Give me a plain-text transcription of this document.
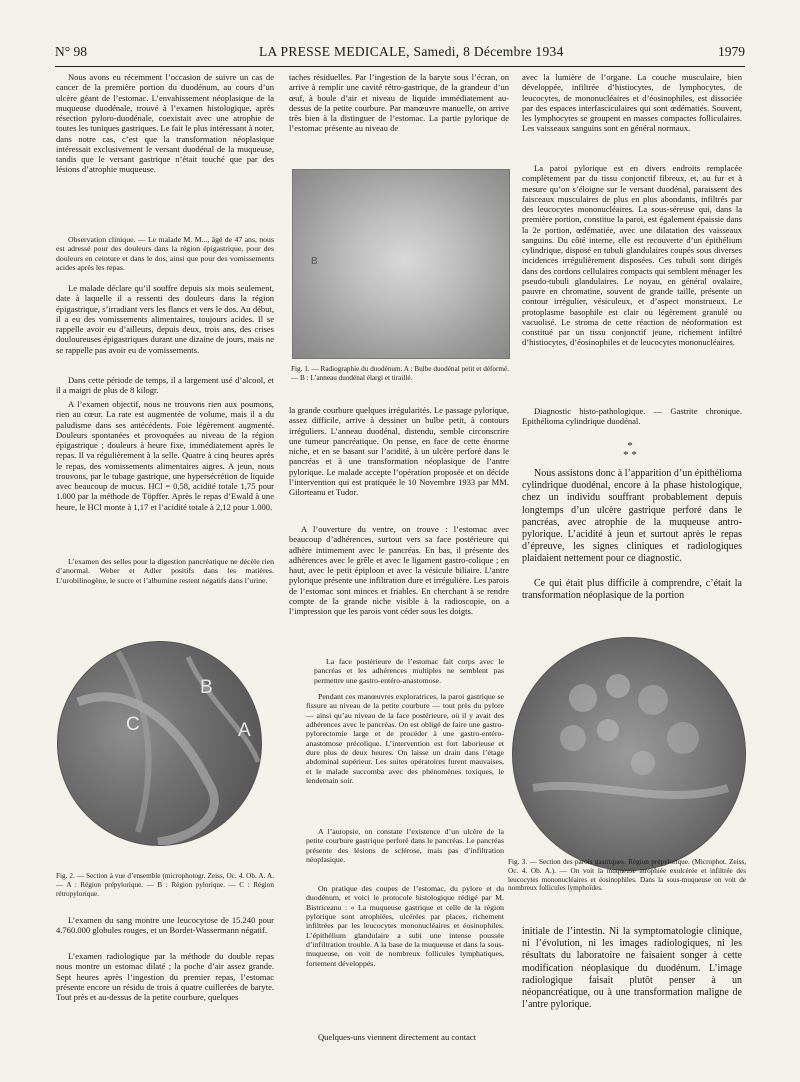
N° 98	LA PRESSE MEDICALE, Samedi, 8 Décembre 1934	1979

Nous avons eu récemment l’occasion de suivre un cas de cancer de la première portion du duodénum, au cours d’un ulcère géant de l’estomac. L’envahissement néoplasique de la muqueuse duodénale, trouvé à l’examen histologique, après résection pyloro-duodénale, coexistait avec une atrophie de toutes les tuniques gastriques. Le fait le plus intéressant à noter, dans notre cas, c’est que la transformation néoplasique intéressait exclusivement le versant duodénal de la muqueuse, tandis que le versant gastrique n’était touché que par des lésions d’atrophie muqueuse.

Observation clinique. — Le malade M. M..., âgé de 47 ans, nous est adressé pour des douleurs dans la région épigastrique, pour des douleurs en ceinture et dans le dos, ainsi que pour des vomissements acides après les repas.

Le malade déclare qu’il souffre depuis six mois seulement, date à laquelle il a ressenti des douleurs dans la région épigastrique, s’irradiant vers les flancs et vers le dos. Au début, il a eu des vomissements alimentaires, toujours acides. Il se rappelle avoir eu d’ailleurs, depuis deux, trois ans, des crises douloureuses épigastriques durant une dizaine de jours, mais ne se rappelle pas avoir eu de vomissements.

Dans cette période de temps, il a largement usé d’alcool, et il a maigri de plus de 8 kilogr.

A l’examen objectif, nous ne trouvons rien aux poumons, rien au cœur. La rate est augmentée de volume, mais il a du paludisme dans ses antécédents. Foie légèrement augmenté. Douleurs spontanées et provoquées au niveau de la région épigastrique ; douleurs à heure fixe, immédiatement après le repas. Il va régulièrement à la selle. Quatre à cinq heures après le repas, des vomissements alimentaires aigres. A jeun, nous trouvons, par le tubage gastrique, une hypersécrétion de liquide avec beaucoup de mucus. HCl = 0,58, acidité totale 1,75 pour 1.000 par la méthode de Töpffer. Après le repas d’Ewald à une heure, le HCl monte à 1,17 et l’acidité totale à 2,12 pour 1.000.

L’examen des selles pour la digestion pancréatique ne décèle rien d’anormal. Weber et Adler positifs dans les matières. L’urobilinogène, le sucre et l’albumine restent négatifs dans l’urine.

B
A
C

Fig. 2. — Section à vue d’ensemble (microphotogr. Zeiss, Oc. 4. Ob. A. A. — A : Région prépylorique. — B : Région pylorique. — C : Région rétropylorique.

L’examen du sang montre une leucocytose de 15.240 pour 4.760.000 globules rouges, et un Bordet-Wassermann négatif.

L’examen radiologique par la méthode du double repas nous montre un estomac dilaté ; la poche d’air assez grande. Sept heures après l’ingestion du premier repas, l’estomac présente encore un résidu de trois à quatre cuillerées de baryte. Tout près et au-dessus de la petite courbure, quelques

taches résiduelles. Par l’ingestion de la baryte sous l’écran, on arrive à remplir une cavité rétro-gastrique, de la grandeur d’un œuf, à boule d’air et niveau de liquide immédiatement au-dessus de la petite courbure. Par manœuvre manuelle, on arrive très bien à la distinguer de l’estomac. La partie pylorique de l’estomac présente au niveau de

B

Fig. 1. — Radiographie du duodénum. A : Bulbe duodénal petit et déformé. — B : L’anneau duodénal élargi et tiraillé.

la grande courbure quelques irrégularités. Le passage pylorique, assez difficile, arrive à dessiner un bulbe petit, à contours irréguliers. L’anneau duodénal, distendu, semble circonscrire une tumeur pancréatique. On pense, en face de cette énorme niche, et en se basant sur l’acidité, à un ulcère perforé dans le pancréas et à une transformation néoplasique de l’antre pylorique. Le malade accepte l’opération proposée et on décide l’intervention qui est pratiquée le 10 Novembre 1933 par MM. Gilorteanu et Tudor.

A l’ouverture du ventre, on trouve : l’estomac avec beaucoup d’adhérences, surtout vers sa face postérieure qui adhère intimement avec le pancréas. En bas, il présente des adhérences avec le grêle et avec le ligament gastro-colique ; en haut, avec le petit épiploon et avec la vésicule biliaire. L’antre pylorique présente une infiltration dure et irrégulière. Les parois de l’estomac sont minces et friables. En cherchant à se rendre compte de la grande niche visible à la radioscopie, on a l’impression que les parois vont céder sous les doigts.

La face postérieure de l’estomac fait corps avec le pancréas et les adhérences multiples ne semblent pas permettre une gastro-entéro-anastomose.

Pendant ces manœuvres exploratrices, la paroi gastrique se fissure au niveau de la petite courbure — tout près du pylore — ainsi qu’au niveau de la face postérieure, où il y avait des adhérences avec le pancréas. On est obligé de faire une gastro-pylorectomie large et de procéder à une gastro-entéro-anastomose précolique. L’intervention est fort laborieuse et dure plus de deux heures. On laisse un drain dans l’étage abdominal supérieur. Les suites opératoires furent mauvaises, et le malade succomba avec des phénomènes toxiques, le lendemain soir.

A l’autopsie, on constate l’existence d’un ulcère de la petite courbure gastrique perforé dans le pancréas. Le pancréas présente des lésions de sclérose, mais pas d’infiltration néoplasique.

On pratique des coupes de l’estomac, du pylore et du duodénum, et voici le protocole histologique rédigé par M. Bistriceanu : « La muqueuse gastrique et celle de la région pylorique sont atrophiées, ulcérées par places, richement infiltrées par les leucocytes mononucléaires et éosinophiles. L’épithélium glandulaire a subi une intense poussée d’infiltration trouble. A la base de la muqueuse et dans la sous-muqueuse, on voit de nombreux follicules lymphatiques, fortement développés.

Quelques-uns viennent directement au contact

avec la lumière de l’organe. La couche musculaire, bien développée, infiltrée d’histiocytes, de lymphocytes, de leucocytes, de mononucléaires et d’éosinophiles, est dissociée par des espaces interfasciculaires qui sont œdématiés. Souvent, les lymphocytes se groupent en masses compactes folliculaires. Les vaisseaux sanguins sont en général normaux.

La paroi pylorique est en divers endroits remplacée complètement par du tissu conjonctif fibreux, et, au fur et à mesure qu’on s’éloigne sur le versant duodénal, paraissent des faisceaux musculaires de plus en plus abondants, infiltrés par des leucocytes mononucléaires. La sous-séreuse qui, dans la première portion, constitue la paroi, est également épaissie dans la 2e portion, œdématiée, avec une dilatation des vaisseaux sanguins. Du côté interne, elle est recouverte d’un épithélium cylindrique, disposé en tubuli glandulaires coupés sous diverses incidences irrégulièrement disposées. Ces tubuli sont dirigés dans des cordons cellulaires compacts qui semblent ménager les pseudo-tubuli glandulaires. Le noyau, en général ovalaire, pauvre en chromatine, souvent de grande taille, présente un contour irrégulier, vésiculeux, et d’aspect monstrueux. Le protoplasme basophile est clair ou légèrement granulé ou vacuolisé. Le stroma de cette réaction de néoformation est constitué par un tissu conjonctif jeune, richement infiltré d’histiocytes, d’éosinophiles et de leucocytes mononucléaires.

Diagnostic histo-pathologique. — Gastrite chronique. Epithélioma cylindrique duodénal.

*
* *

Nous assistons donc à l’apparition d’un épithélioma cylindrique duodénal, encore à la phase histologique, chez un individu souffrant probablement depuis longtemps d’un ulcère gastrique perforé dans le pancréas, avec atrophie de la muqueuse antro-pylorique. L’acidité à jeun et surtout après le repas d’épreuve, les signes cliniques et radiologiques plaidaient nettement pour ce diagnostic.

Ce qui était plus difficile à comprendre, c’était la transformation néoplasique de la portion

Fig. 3. — Section des parois gastriques. Région prépylorique. (Microphot. Zeiss, Oc. 4. Ob. A.). — On voit la muqueuse atrophiée exulcérée et infiltrée des leucocytes mononucléaires et éosinophiles. Dans la sous-muqueuse on voit de nombreux follicules lymphoïdes.

initiale de l’intestin. Ni la symptomatologie clinique, ni l’évolution, ni les images radiologiques, ni les résultats du laboratoire ne faisaient songer à cette modification néoplasique du duodénum. L’image radiologique faisait plutôt penser à un néopancréatique, ou à une transformation maligne de l’antre pylorique.
